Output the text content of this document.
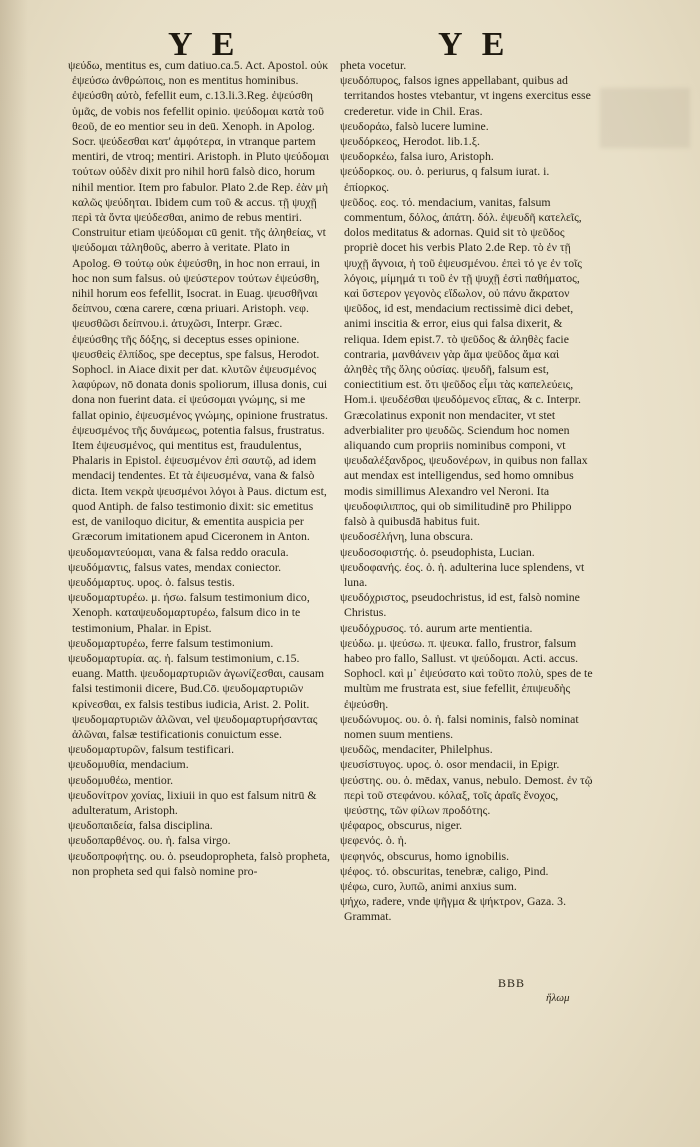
Y E	Y E

ψεύδω, mentitus es, cum datiuo.ca.5. Act. Apostol. οὐκ ἐψεύσω ἀνθρώποις, non es mentitus hominibus. ἐψεύσθη αὐτὸ, fefellit eum, c.13.li.3.Reg. ἐψεύσθη ὑμᾶς, de vobis nos fefellit opinio. ψεύδομαι κατὰ τοῦ θεοῦ, de eo mentior seu in deū. Xenoph. in Apolog. Socr. ψεύδεσθαι κατ' ἀμφότερα, in vtranque partem mentiri, de vtroq; mentiri. Aristoph. in Pluto ψεύδομαι τούτων οὐδὲν dixit pro nihil horū falsò dico, horum nihil mentior. Item pro fabulor. Plato 2.de Rep. ἐὰν μὴ καλῶς ψεύδηται. Ibidem cum τοῦ & accus. τῇ ψυχῇ περὶ τὰ ὄντα ψεύδεσθαι, animo de rebus mentiri. Construitur etiam ψεύδομαι cū genit. τῆς ἀληθείας, vt ψεύδομαι τἀληθοῦς, aberro à veritate. Plato in Apolog. Θ τούτῳ οὐκ ἐψεύσθη, in hoc non erraui, in hoc non sum falsus. οὐ ψεύστερον τούτων ἐψεύσθη, nihil horum eos fefellit, Isocrat. in Euag. ψευσθῆναι δείπνου, cœna carere, cœna priuari. Aristoph. νεφ. ψευσθῶσι δείπνου.i. ἀτυχῶσι, Interpr. Græc. ἐψεύσθης τῆς δόξης, si deceptus esses opinione. ψευσθεὶς ἐλπίδος, spe deceptus, spe falsus, Herodot. Sophocl. in Aiace dixit per dat. κλυτῶν ἐψευσμένος λαφύρων, nō donata donis spoliorum, illusa donis, cui dona non fuerint data. εἰ ψεύσομαι γνώμης, si me fallat opinio, ἐψευσμένος γνώμης, opinione frustratus. ἐψευσμένος τῆς δυνάμεως, potentia falsus, frustratus. Item ἐψευσμένος, qui mentitus est, fraudulentus, Phalaris in Epistol. ἐψευσμένον ἐπὶ σαυτῷ, ad idem mendacij tendentes. Et τὰ ἐψευσμένα, vana & falsò dicta. Item νεκρὰ ψευσμένοι λόγοι à Paus. dictum est, quod Antiph. de falso testimonio dixit: sic emetitus est, de vaniloquo dicitur, & ementita auspicia per Græcorum imitationem apud Ciceronem in Anton.

ψευδομαντεύομαι, vana & falsa reddo oracula.

ψευδόμαντις, falsus vates, mendax coniector.

ψευδόμαρτυς. υρος. ὁ. falsus testis.

ψευδομαρτυρέω. μ. ήσω. falsum testimonium dico, Xenoph. καταψευδομαρτυρέω, falsum dico in te testimonium, Phalar. in Epist.

ψευδομαρτυρέω, ferre falsum testimonium.

ψευδομαρτυρία. ας. ἡ. falsum testimonium, c.15. euang. Matth. ψευδομαρτυριῶν ἀγωνίζεσθαι, causam falsi testimonii dicere, Bud.Cō. ψευδομαρτυριῶν κρίνεσθαι, ex falsis testibus iudicia, Arist. 2. Polit. ψευδομαρτυριῶν ἁλῶναι, vel ψευδομαρτυρήσαντας ἁλῶναι, falsæ testificationis conuictum esse.

ψευδομαρτυρῶν, falsum testificari.

ψευδομυθία, mendacium.

ψευδομυθέω, mentior.

ψευδονίτρον χονίας, lixiuii in quo est falsum nitrū & adulteratum, Aristoph.

ψευδοπαιδεία, falsa disciplina.

ψευδοπαρθένος. ου. ἡ. falsa virgo.

ψευδοπροφήτης. ου. ὁ. pseudopropheta, falsò propheta, non propheta sed qui falsò nomine pro-

pheta vocetur.

ψευδόπυρος, falsos ignes appellabant, quibus ad territandos hostes vtebantur, vt ingens exercitus esse crederetur. vide in Chil. Eras.

ψευδοράω, falsò lucere lumine.

ψευδόρκεος, Herodot. lib.1.ξ.

ψευδορκέω, falsa iuro, Aristoph.

ψεύδορκος. ου. ὁ. periurus, q falsum iurat. i. ἐπίορκος.

ψεῦδος. εος. τό. mendacium, vanitas, falsum commentum, δόλος, ἀπάτη. δόλ. ἐψευδῆ κατελεῖς, dolos meditatus & adornas. Quid sit τὸ ψεῦδος propriè docet his verbis Plato 2.de Rep. τὸ ἐν τῇ ψυχῇ ἄγνοια, ἡ τοῦ ἐψευσμένου. ἐπεὶ τό γε ἐν τοῖς λόγοις, μίμημά τι τοῦ ἐν τῇ ψυχῇ ἐστὶ παθήματος, καὶ ὕστερον γεγονὸς εἴδωλον, οὐ πάνυ ἄκρατον ψεῦδος, id est, mendacium rectissimè dici debet, animi inscitia & error, eius qui falsa dixerit, & reliqua. Idem epist.7. τὸ ψεῦδος & ἀληθὲς facie contraria, μανθάνειν γὰρ ἅμα ψεῦδος ἅμα καὶ ἀληθὲς τῆς ὅλης οὐσίας. ψευδῆ, falsum est, coniectitium est. ὅτι ψεῦδος εἶμι τὰς καπελεύεις, Hom.i. ψευδέσθαι ψευδόμενος εἴπας, & c. Interpr. Græcolatinus exponit non mendaciter, vt stet adverbialiter pro ψευδῶς. Sciendum hoc nomen aliquando cum propriis nominibus componi, vt ψευδαλέξανδρος, ψευδονέρων, in quibus non fallax aut mendax est intelligendus, sed homo omnibus modis simillimus Alexandro vel Neroni. Ita ψευδοφιλιππος, qui ob similitudinē pro Philippo falsò à quibusdā habitus fuit.

ψευδοσέλήνη, luna obscura.

ψευδοσοφιστής. ὁ. pseudophista, Lucian.

ψευδοφανής. έος. ὁ. ἡ. adulterina luce splendens, vt luna.

ψευδόχριστος, pseudochristus, id est, falsò nomine Christus.

ψευδόχρυσος. τό. aurum arte mentientia.

ψεύδω. μ. ψεύσω. π. ψευκα. fallo, frustror, falsum habeo pro fallo, Sallust. vt ψεύδομαι. Acti. accus. Sophocl. καὶ μ᾽ ἐψεύσατο καὶ τοῦτο πολὺ, spes de te multùm me frustrata est, siue fefellit, ἐπιψευδὴς ἐψεύσθη.

ψευδώνυμος. ου. ὁ. ἡ. falsi nominis, falsò nominat nomen suum mentiens.

ψευδῶς, mendaciter, Philelphus.

ψευσίστυγος. υρος. ὁ. osor mendacii, in Epigr.

ψεύστης. ου. ὁ. mēdax, vanus, nebulo. Demost. ἐν τῷ περὶ τοῦ στεφάνου. κόλαξ, τοῖς ἀραῖς ἔνοχος, ψεύστης, τῶν φίλων προδότης.

ψέφαρος, obscurus, niger.

ψεφενός. ὁ. ἡ.

ψεφηνός, obscurus, homo ignobilis.

ψέφος. τό. obscuritas, tenebræ, caligo, Pind.

ψέφω, curo, λυπῶ, animi anxius sum.

ψήχω, radere, vnde ψῆγμα & ψήκτρον, Gaza. 3. Grammat.

BBB
ἥλωμ
